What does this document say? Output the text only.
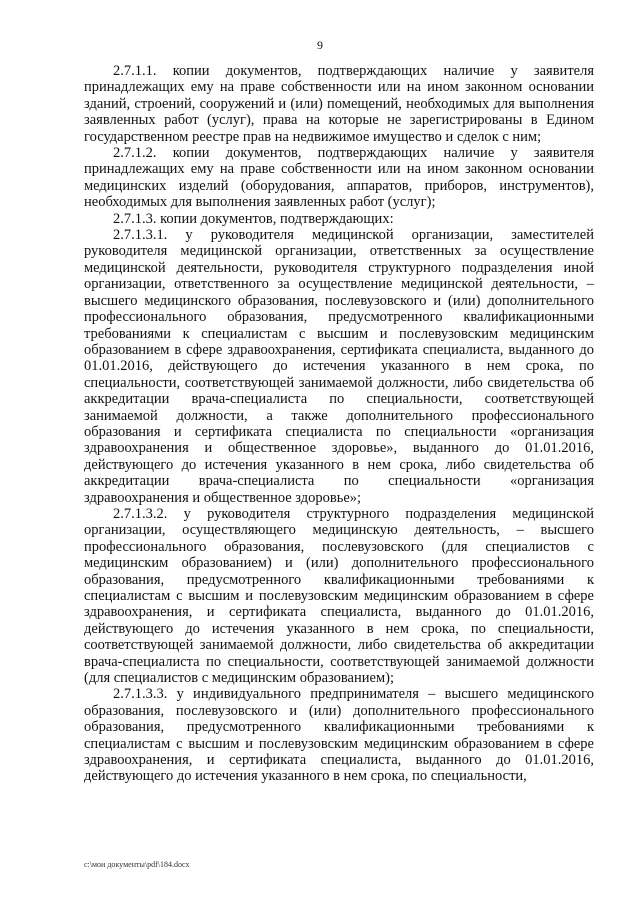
9

2.7.1.1. копии документов, подтверждающих наличие у заявителя принадлежащих ему на праве собственности или на ином законном основании зданий, строений, сооружений и (или) помещений, необходимых для выполнения заявленных работ (услуг), права на которые не зарегистрированы в Едином государственном реестре прав на недвижимое имущество и сделок с ним;

2.7.1.2. копии документов, подтверждающих наличие у заявителя принадлежащих ему на праве собственности или на ином законном основании медицинских изделий (оборудования, аппаратов, приборов, инструментов), необходимых для выполнения заявленных работ (услуг);

2.7.1.3. копии документов, подтверждающих:

2.7.1.3.1. у руководителя медицинской организации, заместителей руководителя медицинской организации, ответственных за осуществление медицинской деятельности, руководителя структурного подразделения иной организации, ответственного за осуществление медицинской деятельности, – высшего медицинского образования, послевузовского и (или) дополнительного профессионального образования, предусмотренного квалификационными требованиями к специалистам с высшим и послевузовским медицинским образованием в сфере здравоохранения, сертификата специалиста, выданного до 01.01.2016, действующего до истечения указанного в нем срока, по специальности, соответствующей занимаемой должности, либо свидетельства об аккредитации врача-специалиста по специальности, соответствующей занимаемой должности, а также дополнительного профессионального образования и сертификата специалиста по специальности «организация здравоохранения и общественное здоровье», выданного до 01.01.2016, действующего до истечения указанного в нем срока, либо свидетельства об аккредитации врача-специалиста по специальности «организация здравоохранения и общественное здоровье»;

2.7.1.3.2. у руководителя структурного подразделения медицинской организации, осуществляющего медицинскую деятельность, – высшего профессионального образования, послевузовского (для специалистов с медицинским образованием) и (или) дополнительного профессионального образования, предусмотренного квалификационными требованиями к специалистам с высшим и послевузовским медицинским образованием в сфере здравоохранения, и сертификата специалиста, выданного до 01.01.2016, действующего до истечения указанного в нем срока, по специальности, соответствующей занимаемой должности, либо свидетельства об аккредитации врача-специалиста по специальности, соответствующей занимаемой должности (для специалистов с медицинским образованием);

2.7.1.3.3. у индивидуального предпринимателя – высшего медицинского образования, послевузовского и (или) дополнительного профессионального образования, предусмотренного квалификационными требованиями к специалистам с высшим и послевузовским медицинским образованием в сфере здравоохранения, и сертификата специалиста, выданного до 01.01.2016, действующего до истечения указанного в нем срока, по специальности,

c:\мои документы\pdf\184.docx
